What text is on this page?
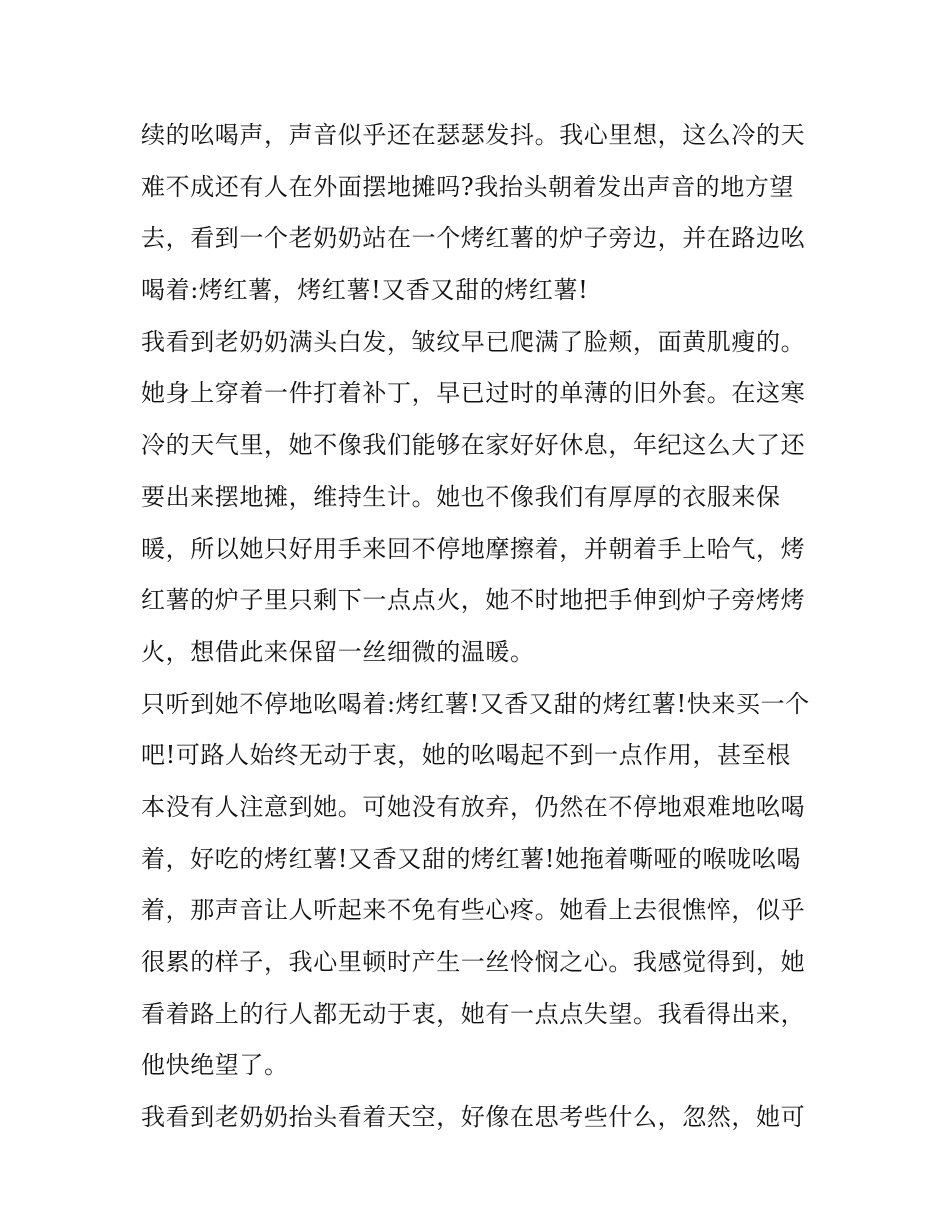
续的吆喝声，声音似乎还在瑟瑟发抖。我心里想，这么冷的天
难不成还有人在外面摆地摊吗?我抬头朝着发出声音的地方望
去，看到一个老奶奶站在一个烤红薯的炉子旁边，并在路边吆
喝着:烤红薯，烤红薯!又香又甜的烤红薯!
我看到老奶奶满头白发，皱纹早已爬满了脸颊，面黄肌瘦的。
她身上穿着一件打着补丁，早已过时的单薄的旧外套。在这寒
冷的天气里，她不像我们能够在家好好休息，年纪这么大了还
要出来摆地摊，维持生计。她也不像我们有厚厚的衣服来保
暖，所以她只好用手来回不停地摩擦着，并朝着手上哈气，烤
红薯的炉子里只剩下一点点火，她不时地把手伸到炉子旁烤烤
火，想借此来保留一丝细微的温暖。
只听到她不停地吆喝着:烤红薯!又香又甜的烤红薯!快来买一个
吧!可路人始终无动于衷，她的吆喝起不到一点作用，甚至根
本没有人注意到她。可她没有放弃，仍然在不停地艰难地吆喝
着，好吃的烤红薯!又香又甜的烤红薯!她拖着嘶哑的喉咙吆喝
着，那声音让人听起来不免有些心疼。她看上去很憔悴，似乎
很累的样子，我心里顿时产生一丝怜悯之心。我感觉得到，她
看着路上的行人都无动于衷，她有一点点失望。我看得出来，
他快绝望了。
我看到老奶奶抬头看着天空，好像在思考些什么，忽然，她可
